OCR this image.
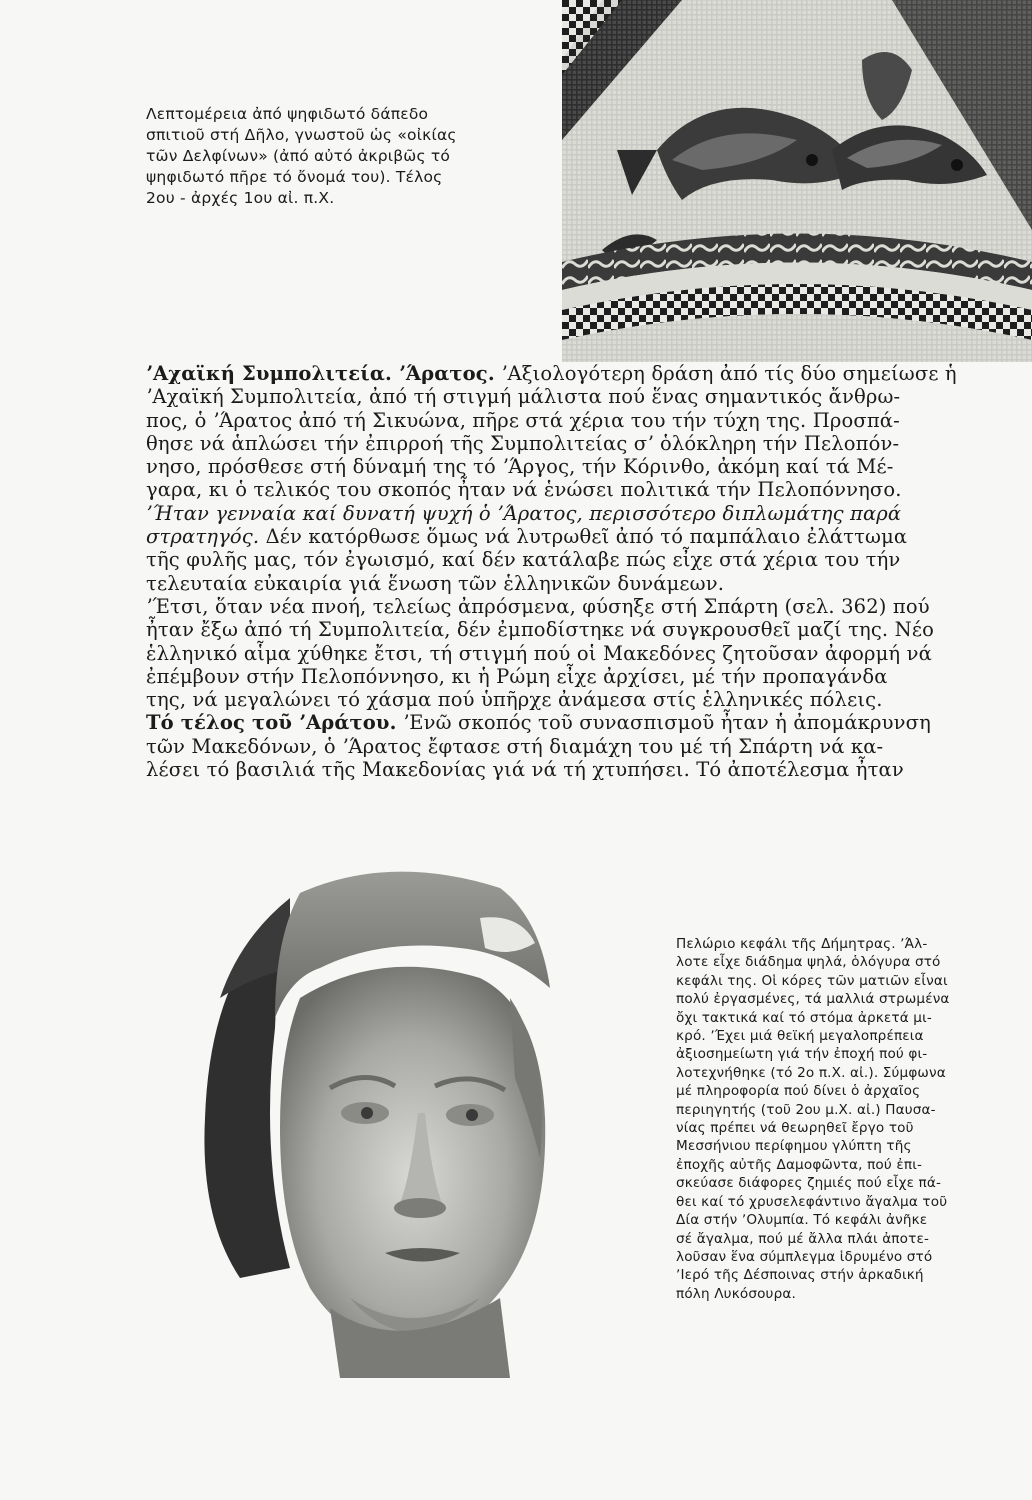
Λεπτομέρεια ἀπό ψηφιδωτό δάπεδο
σπιτιοῦ στή Δῆλο, γνωστοῦ ὡς «οἰκίας
τῶν Δελφίνων» (ἀπό αὐτό ἀκριβῶς τό
ψηφιδωτό πῆρε τό ὄνομά του). Τέλος
2ου - ἀρχές 1ου αἰ. π.Χ.
ʼΑχαϊκή Συμπολιτεία. ʼΆρατος. ʼΑξιολογότερη δράση ἀπό τίς δύο σημείωσε ἡ
ʼΑχαϊκή Συμπολιτεία, ἀπό τή στιγμή μάλιστα πού ἕνας σημαντικός ἄνθρω-
πος, ὁ ʼΆρατος ἀπό τή Σικυώνα, πῆρε στά χέρια του τήν τύχη της. Προσπά-
θησε νά ἁπλώσει τήν ἐπιρροή τῆς Συμπολιτείας σʼ ὁλόκληρη τήν Πελοπόν-
νησο, πρόσθεσε στή δύναμή της τό ʼΆργος, τήν Κόρινθο, ἀκόμη καί τά Μέ-
γαρα, κι ὁ τελικός του σκοπός ἦταν νά ἑνώσει πολιτικά τήν Πελοπόννησο.
ʼΉταν γενναία καί δυνατή ψυχή ὁ ʼΆρατος, περισσότερο διπλωμάτης παρά
στρατηγός. Δέν κατόρθωσε ὅμως νά λυτρωθεῖ ἀπό τό παμπάλαιο ἐλάττωμα
τῆς φυλῆς μας, τόν ἐγωισμό, καί δέν κατάλαβε πώς εἶχε στά χέρια του τήν
τελευταία εὐκαιρία γιά ἕνωση τῶν ἑλληνικῶν δυνάμεων.
ʼΈτσι, ὅταν νέα πνοή, τελείως ἀπρόσμενα, φύσηξε στή Σπάρτη (σελ. 362) πού
ἦταν ἔξω ἀπό τή Συμπολιτεία, δέν ἐμποδίστηκε νά συγκρουσθεῖ μαζί της. Νέο
ἑλληνικό αἷμα χύθηκε ἔτσι, τή στιγμή πού οἱ Μακεδόνες ζητοῦσαν ἀφορμή νά
ἐπέμβουν στήν Πελοπόννησο, κι ἡ Ρώμη εἶχε ἀρχίσει, μέ τήν προπαγάνδα
της, νά μεγαλώνει τό χάσμα πού ὑπῆρχε ἀνάμεσα στίς ἑλληνικές πόλεις.
Τό τέλος τοῦ ʼΑράτου. ʼΕνῶ σκοπός τοῦ συνασπισμοῦ ἦταν ἡ ἀπομάκρυνση
τῶν Μακεδόνων, ὁ ʼΆρατος ἔφτασε στή διαμάχη του μέ τή Σπάρτη νά κα-
λέσει τό βασιλιά τῆς Μακεδονίας γιά νά τή χτυπήσει. Τό ἀποτέλεσμα ἦταν
Πελώριο κεφάλι τῆς Δήμητρας. ʼΆλ-
λοτε εἶχε διάδημα ψηλά, ὁλόγυρα στό
κεφάλι της. Οἱ κόρες τῶν ματιῶν εἶναι
πολύ ἐργασμένες, τά μαλλιά στρωμένα
ὄχι τακτικά καί τό στόμα ἀρκετά μι-
κρό. ʼΈχει μιά θεϊκή μεγαλοπρέπεια
ἀξιοσημείωτη γιά τήν ἐποχή πού φι-
λοτεχνήθηκε (τό 2ο π.Χ. αἰ.). Σύμφωνα
μέ πληροφορία πού δίνει ὁ ἀρχαῖος
περιηγητής (τοῦ 2ου μ.Χ. αἰ.) Παυσα-
νίας πρέπει νά θεωρηθεῖ ἔργο τοῦ
Μεσσήνιου περίφημου γλύπτη τῆς
ἐποχῆς αὐτῆς Δαμοφῶντα, πού ἐπι-
σκεύασε διάφορες ζημιές πού εἶχε πά-
θει καί τό χρυσελεφάντινο ἄγαλμα τοῦ
Δία στήν ʼΟλυμπία. Τό κεφάλι ἀνῆκε
σέ ἄγαλμα, πού μέ ἄλλα πλάι ἀποτε-
λοῦσαν ἕνα σύμπλεγμα ἱδρυμένο στό
ʼΙερό τῆς Δέσποινας στήν ἀρκαδική
πόλη Λυκόσουρα.
